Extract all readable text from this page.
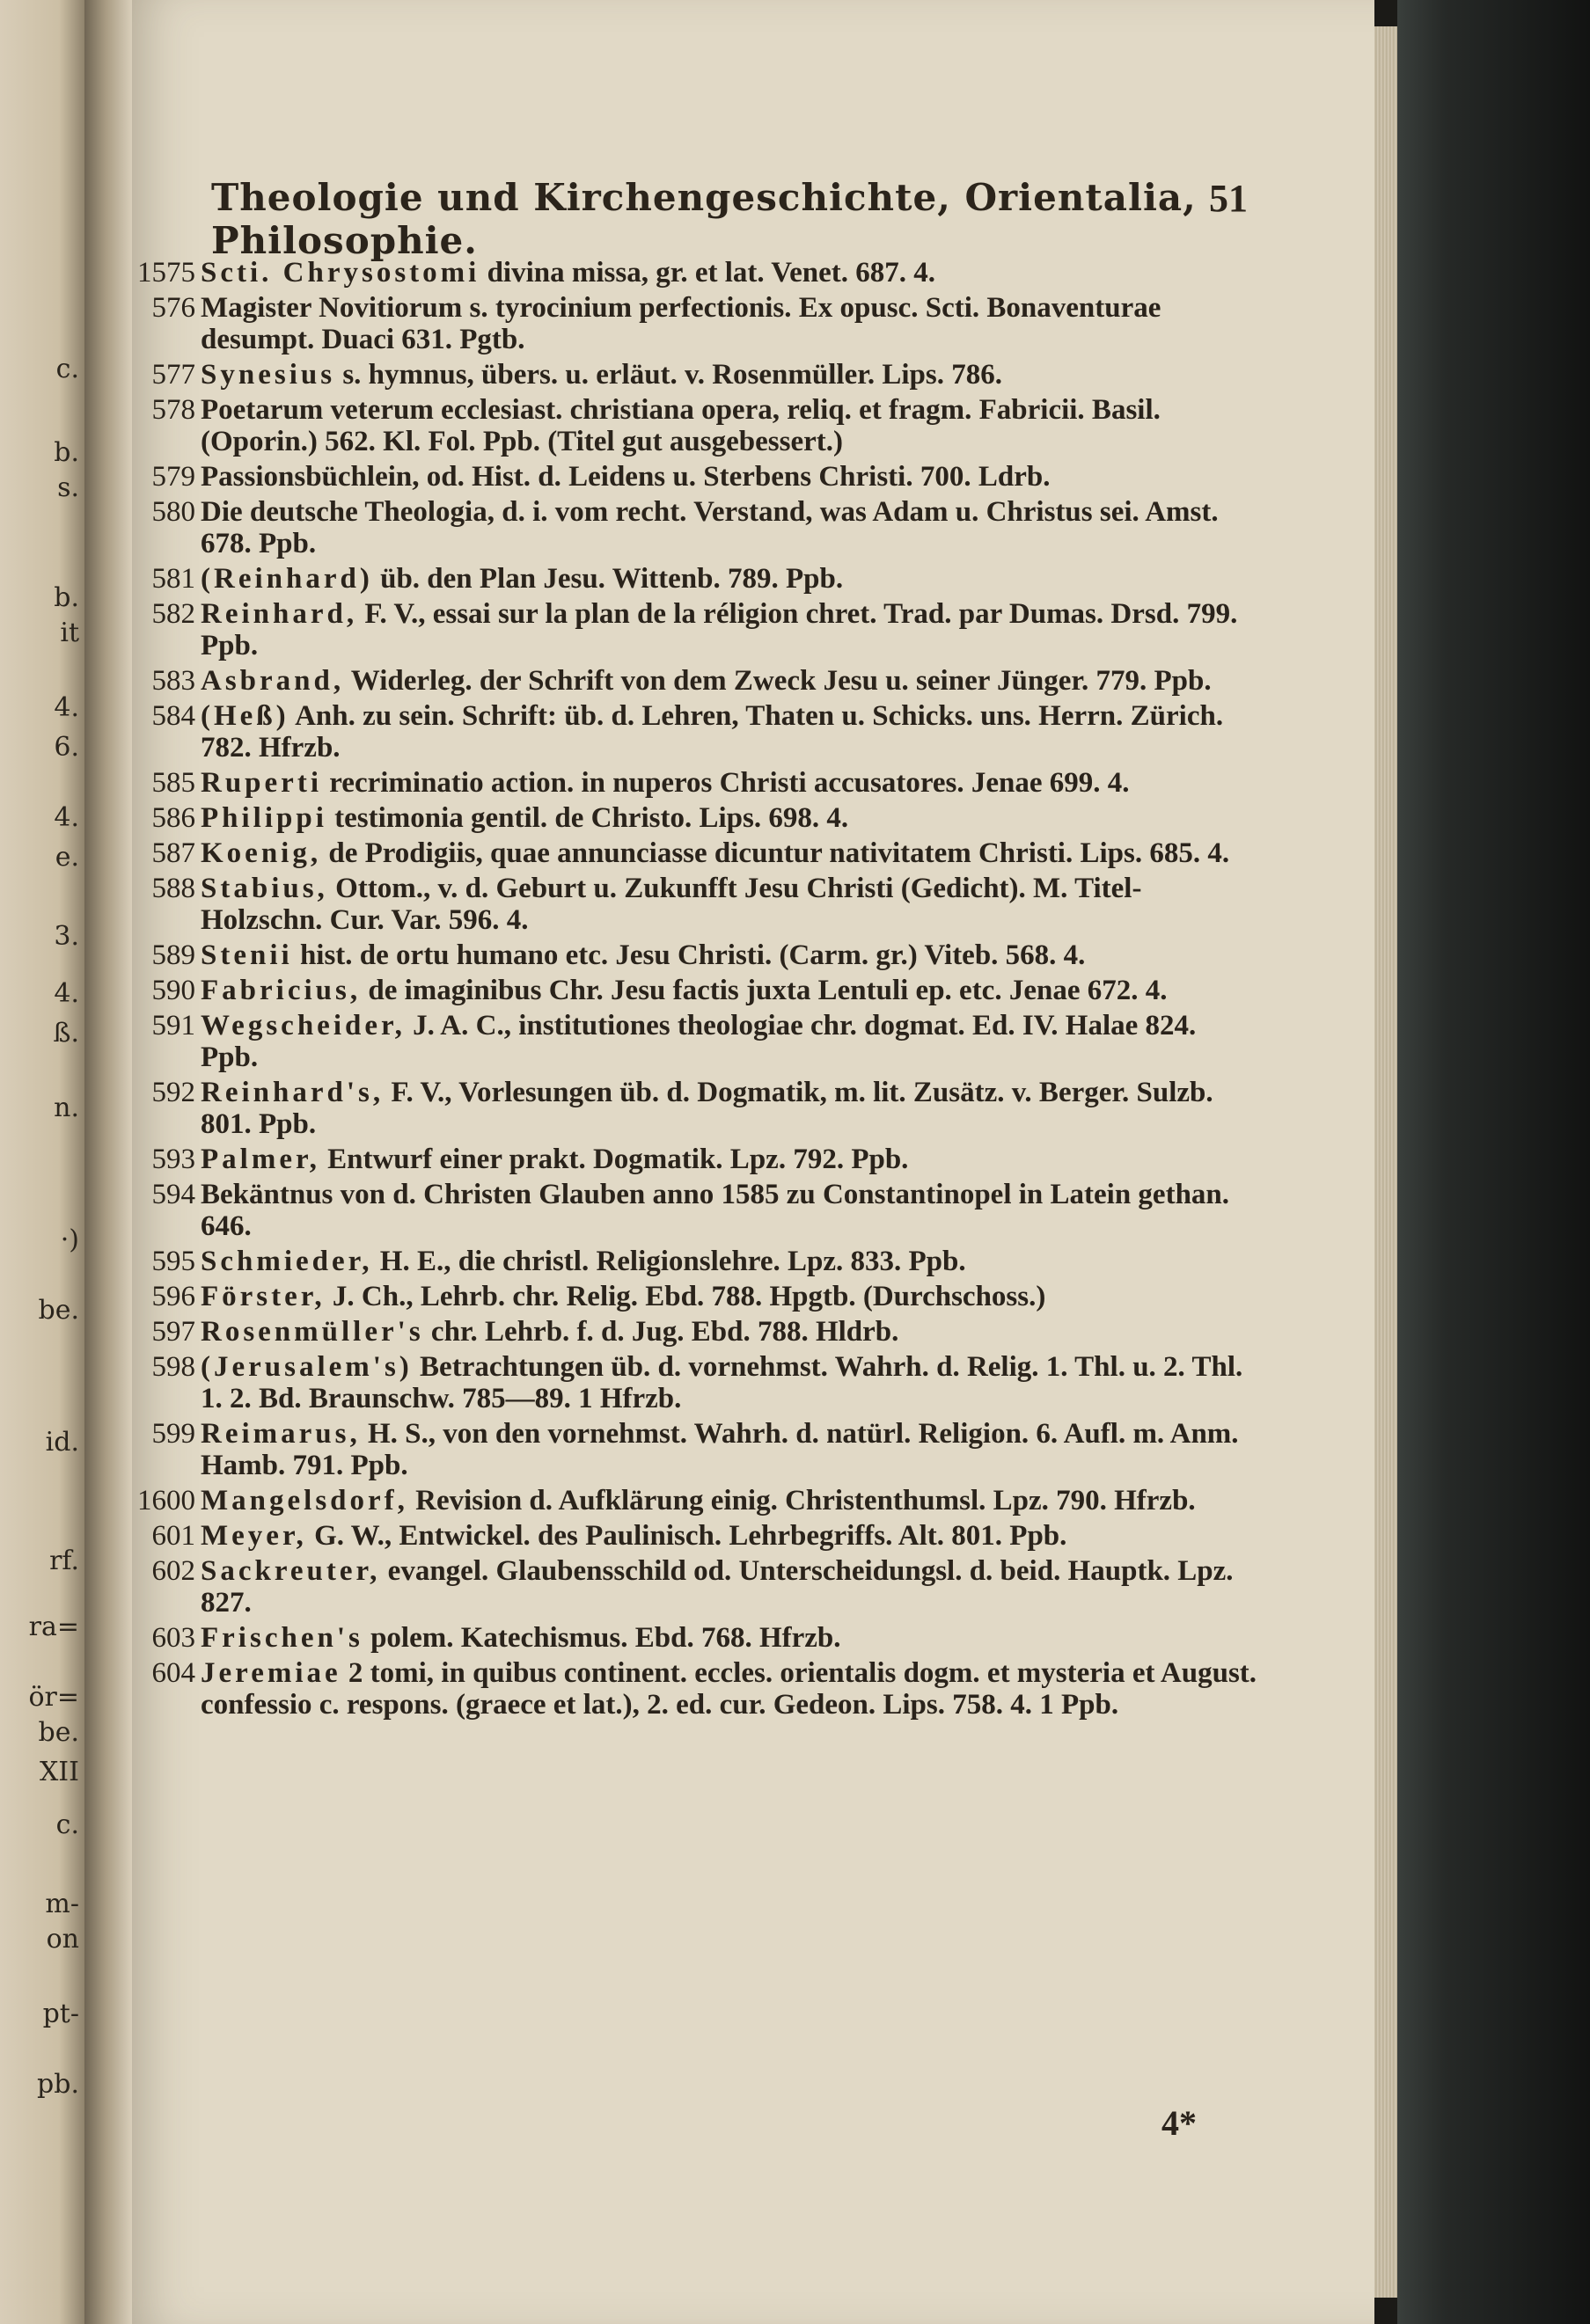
c.
b.
s.
b.
it
4.
6.
4.
e.
3.
4.
ß.
n.
·)
be.
id.
rf.
ra=
ör=
be.
XII
c.
m-
on
pt-
pb.
Theologie und Kirchengeschichte, Orientalia, Philosophie.
51
1575 Scti. Chrysostomi divina missa, gr. et lat. Venet. 687. 4.
576 Magister Novitiorum s. tyrocinium perfectionis. Ex opusc. Scti. Bonaventurae desumpt. Duaci 631. Pgtb.
577 Synesius s. hymnus, übers. u. erläut. v. Rosenmüller. Lips. 786.
578 Poetarum veterum ecclesiast. christiana opera, reliq. et fragm. Fabricii. Basil. (Oporin.) 562. Kl. Fol. Ppb. (Titel gut ausgebessert.)
579 Passionsbüchlein, od. Hist. d. Leidens u. Sterbens Christi. 700. Ldrb.
580 Die deutsche Theologia, d. i. vom recht. Verstand, was Adam u. Christus sei. Amst. 678. Ppb.
581 (Reinhard) üb. den Plan Jesu. Wittenb. 789. Ppb.
582 Reinhard, F. V., essai sur la plan de la réligion chret. Trad. par Dumas. Drsd. 799. Ppb.
583 Asbrand, Widerleg. der Schrift von dem Zweck Jesu u. seiner Jünger. 779. Ppb.
584 (Heß) Anh. zu sein. Schrift: üb. d. Lehren, Thaten u. Schicks. uns. Herrn. Zürich. 782. Hfrzb.
585 Ruperti recriminatio action. in nuperos Christi accusatores. Jenae 699. 4.
586 Philippi testimonia gentil. de Christo. Lips. 698. 4.
587 Koenig, de Prodigiis, quae annunciasse dicuntur nativitatem Christi. Lips. 685. 4.
588 Stabius, Ottom., v. d. Geburt u. Zukunfft Jesu Christi (Gedicht). M. Titel-Holzschn. Cur. Var. 596. 4.
589 Stenii hist. de ortu humano etc. Jesu Christi. (Carm. gr.) Viteb. 568. 4.
590 Fabricius, de imaginibus Chr. Jesu factis juxta Lentuli ep. etc. Jenae 672. 4.
591 Wegscheider, J. A. C., institutiones theologiae chr. dogmat. Ed. IV. Halae 824. Ppb.
592 Reinhard's, F. V., Vorlesungen üb. d. Dogmatik, m. lit. Zusätz. v. Berger. Sulzb. 801. Ppb.
593 Palmer, Entwurf einer prakt. Dogmatik. Lpz. 792. Ppb.
594 Bekäntnus von d. Christen Glauben anno 1585 zu Constantinopel in Latein gethan. 646.
595 Schmieder, H. E., die christl. Religionslehre. Lpz. 833. Ppb.
596 Förster, J. Ch., Lehrb. chr. Relig. Ebd. 788. Hpgtb. (Durchschoss.)
597 Rosenmüller's chr. Lehrb. f. d. Jug. Ebd. 788. Hldrb.
598 (Jerusalem's) Betrachtungen üb. d. vornehmst. Wahrh. d. Relig. 1. Thl. u. 2. Thl. 1. 2. Bd. Braunschw. 785—89. 1 Hfrzb.
599 Reimarus, H. S., von den vornehmst. Wahrh. d. natürl. Religion. 6. Aufl. m. Anm. Hamb. 791. Ppb.
1600 Mangelsdorf, Revision d. Aufklärung einig. Christenthumsl. Lpz. 790. Hfrzb.
601 Meyer, G. W., Entwickel. des Paulinisch. Lehrbegriffs. Alt. 801. Ppb.
602 Sackreuter, evangel. Glaubensschild od. Unterscheidungsl. d. beid. Hauptk. Lpz. 827.
603 Frischen's polem. Katechismus. Ebd. 768. Hfrzb.
604 Jeremiae 2 tomi, in quibus continent. eccles. orientalis dogm. et mysteria et August. confessio c. respons. (graece et lat.), 2. ed. cur. Gedeon. Lips. 758. 4. 1 Ppb.
4*
